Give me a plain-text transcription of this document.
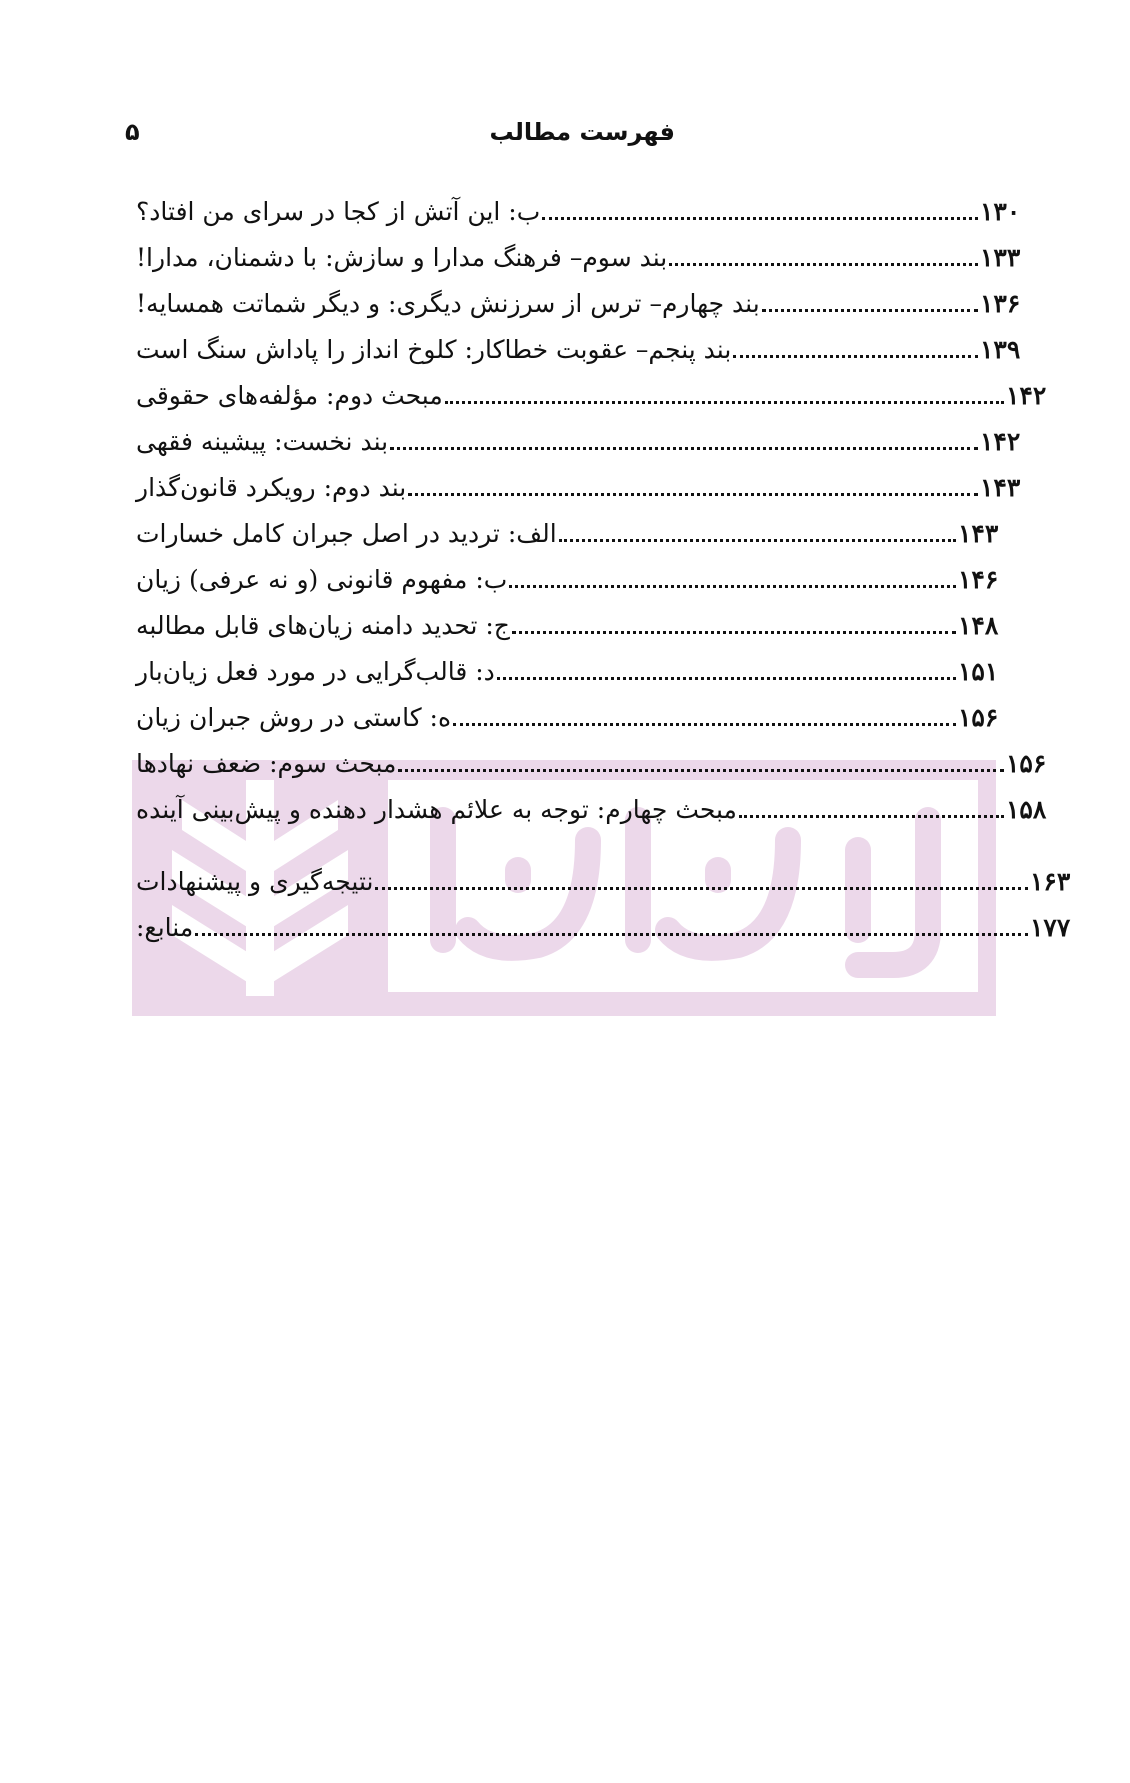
۵	فهرست مطالب
ب: این آتش از کجا در سرای من افتاد؟	۱۳۰
بند سوم– فرهنگ مدارا و سازش: با دشمنان، مدارا!	۱۳۳
بند چهارم– ترس از سرزنش دیگری: و دیگر شماتت همسایه!	۱۳۶
بند پنجم– عقوبت خطاکار: کلوخ انداز را پاداش سنگ است	۱۳۹
مبحث دوم: مؤلفه‌های حقوقی	۱۴۲
بند نخست: پیشینه فقهی	۱۴۲
بند دوم: رویکرد قانون‌گذار	۱۴۳
الف: تردید در اصل جبران کامل خسارات	۱۴۳
ب: مفهوم قانونی (و نه عرفی) زیان	۱۴۶
ج: تحدید دامنه زیان‌های قابل مطالبه	۱۴۸
د: قالب‌گرایی در مورد فعل زیان‌بار	۱۵۱
ه: کاستی در روش جبران زیان	۱۵۶
مبحث سوم: ضعف نهادها	۱۵۶
مبحث چهارم: توجه به علائم هشدار دهنده و پیش‌بینی آینده	۱۵۸
نتیجه‌گیری و پیشنهادات	۱۶۳
منابع:	۱۷۷
